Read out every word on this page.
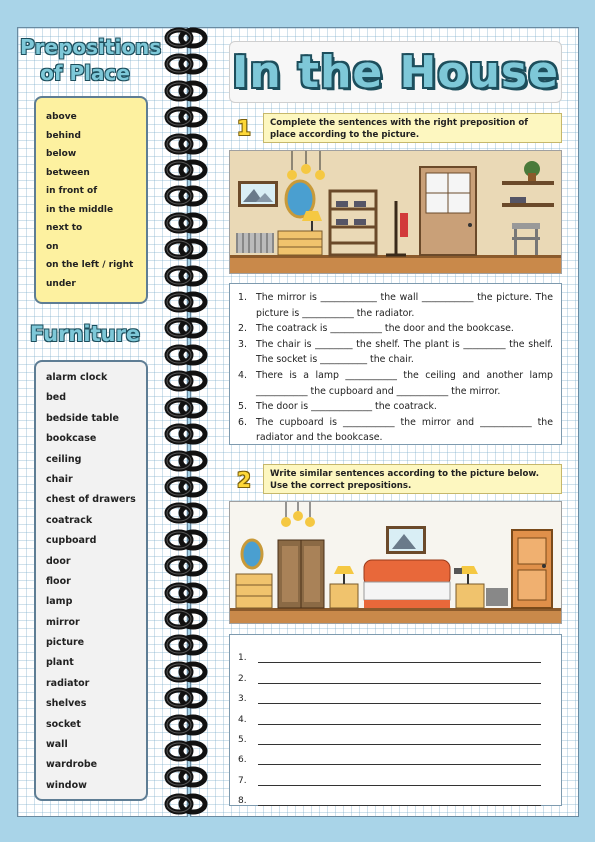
Prepositions of Place
above
behind
below
between
in front of
in the middle
next to
on
on the left / right
under
Furniture
alarm clock
bed
bedside table
bookcase
ceiling
chair
chest of drawers
coatrack
cupboard
door
floor
lamp
mirror
picture
plant
radiator
shelves
socket
wall
wardrobe
window
In the House
1	Complete the sentences with the right preposition of place according to the picture.
1. The mirror is ____________ the wall ___________ the picture. The picture is ___________ the radiator.
2. The coatrack is ___________ the door and the bookcase.
3. The chair is ________ the shelf. The plant is _________ the shelf. The socket is __________ the chair.
4. There is a lamp ___________ the ceiling and another lamp ___________ the cupboard and ___________ the mirror.
5. The door is _____________ the coatrack.
6. The cupboard is ___________ the mirror and ___________ the radiator and the bookcase.
2	Write similar sentences according to the picture below. Use the correct prepositions.
1.
2.
3.
4.
5.
6.
7.
8.
